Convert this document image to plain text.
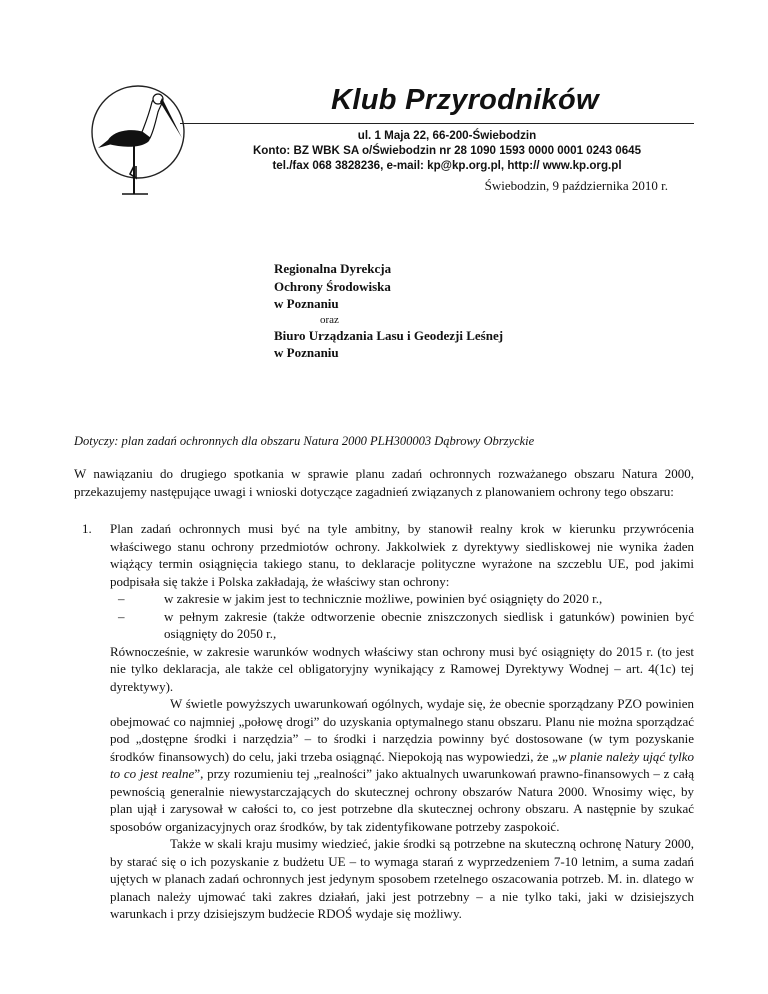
Klub Przyrodników
ul. 1 Maja 22, 66-200-Świebodzin
Konto: BZ WBK SA o/Świebodzin nr 28 1090 1593 0000 0001 0243 0645
tel./fax 068 3828236, e-mail: kp@kp.org.pl, http:// www.kp.org.pl
Świebodzin, 9 października 2010 r.
Regionalna Dyrekcja
Ochrony Środowiska
w Poznaniu
oraz
Biuro Urządzania Lasu i Geodezji Leśnej
w Poznaniu
Dotyczy: plan zadań ochronnych dla obszaru Natura 2000 PLH300003 Dąbrowy Obrzyckie
W nawiązaniu do drugiego spotkania w sprawie planu zadań ochronnych rozważanego obszaru Natura 2000, przekazujemy następujące uwagi i wnioski dotyczące zagadnień związanych z planowaniem ochrony tego obszaru:
1. Plan zadań ochronnych musi być na tyle ambitny, by stanowił realny krok w kierunku przywrócenia właściwego stanu ochrony przedmiotów ochrony. Jakkolwiek z dyrektywy siedliskowej nie wynika żaden wiążący termin osiągnięcia takiego stanu, to deklaracje polityczne wyrażone na szczeblu UE, pod jakimi podpisała się także i Polska zakładają, że właściwy stan ochrony:

–	w zakresie w jakim jest to technicznie możliwe, powinien być osiągnięty do 2020 r.,
–	w pełnym zakresie (także odtworzenie obecnie zniszczonych siedlisk i gatunków) powinien być osiągnięty do 2050 r.,

Równocześnie, w zakresie warunków wodnych właściwy stan ochrony musi być osiągnięty do 2015 r. (to jest nie tylko deklaracja, ale także cel obligatoryjny wynikający z Ramowej Dyrektywy Wodnej – art. 4(1c) tej dyrektywy).

W świetle powyższych uwarunkowań ogólnych, wydaje się, że obecnie sporządzany PZO powinien obejmować co najmniej „połowę drogi” do uzyskania optymalnego stanu obszaru. Planu nie można sporządzać pod „dostępne środki i narzędzia” – to środki i narzędzia powinny być dostosowane (w tym pozyskanie środków finansowych) do celu, jaki trzeba osiągnąć. Niepokoją nas wypowiedzi, że „w planie należy ująć tylko to co jest realne”, przy rozumieniu tej „realności” jako aktualnych uwarunkowań prawno-finansowych – z całą pewnością generalnie niewystarczających do skutecznej ochrony obszarów Natura 2000. Wnosimy więc, by plan ujął i zarysował w całości to, co jest potrzebne dla skutecznej ochrony obszaru. A następnie by szukać sposobów organizacyjnych oraz środków, by tak zidentyfikowane potrzeby zaspokoić.

Także w skali kraju musimy wiedzieć, jakie środki są potrzebne na skuteczną ochronę Natury 2000, by starać się o ich pozyskanie z budżetu UE – to wymaga starań z wyprzedzeniem 7-10 letnim, a suma zadań ujętych w planach zadań ochronnych jest jedynym sposobem rzetelnego oszacowania potrzeb. M. in. dlatego w planach należy ujmować taki zakres działań, jaki jest potrzebny – a nie tylko taki, jaki w dzisiejszych warunkach i przy dzisiejszym budżecie RDOŚ wydaje się możliwy.
